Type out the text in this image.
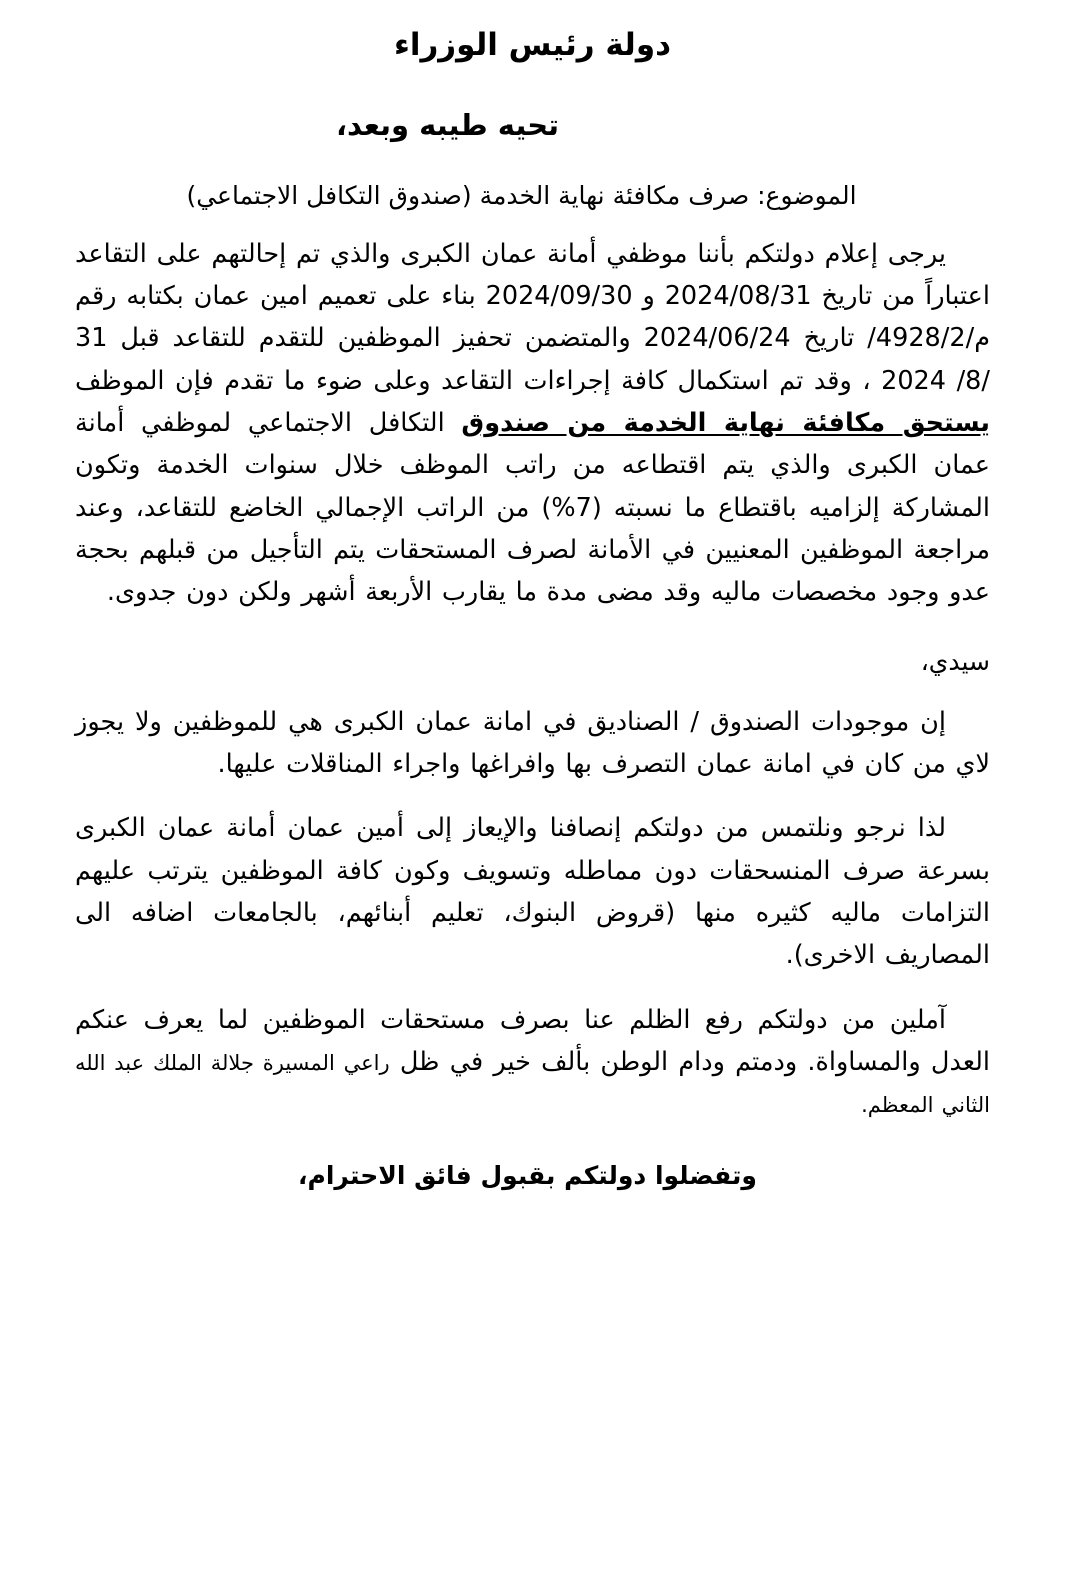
دولة رئيس الوزراء
تحيه طيبه وبعد،
الموضوع: صرف مكافئة نهاية الخدمة (صندوق التكافل الاجتماعي)

يرجى إعلام دولتكم بأننا موظفي أمانة عمان الكبرى والذي تم إحالتهم على التقاعد اعتباراً من تاريخ 2024/08/31 و 2024/09/30 بناء على تعميم امين عمان بكتابه رقم م/4928/2/ تاريخ 2024/06/24 والمتضمن تحفيز الموظفين للتقدم للتقاعد قبل 31 /8/ 2024 ، وقد تم استكمال كافة إجراءات التقاعد وعلى ضوء ما تقدم فإن الموظف يستحق مكافئة نهاية الخدمة من صندوق التكافل الاجتماعي لموظفي أمانة عمان الكبرى والذي يتم اقتطاعه من راتب الموظف خلال سنوات الخدمة وتكون المشاركة إلزاميه باقتطاع ما نسبته (7%) من الراتب الإجمالي الخاضع للتقاعد، وعند مراجعة الموظفين المعنيين في الأمانة لصرف المستحقات يتم التأجيل من قبلهم بحجة عدو وجود مخصصات ماليه وقد مضى مدة ما يقارب الأربعة أشهر ولكن دون جدوى.

سيدي،

إن موجودات الصندوق / الصناديق في امانة عمان الكبرى هي للموظفين ولا يجوز لاي من كان في امانة عمان التصرف بها وافراغها واجراء المناقلات عليها.

لذا نرجو ونلتمس من دولتكم إنصافنا والإيعاز إلى أمين عمان أمانة عمان الكبرى بسرعة صرف المنسحقات دون مماطله وتسويف وكون كافة الموظفين يترتب عليهم التزامات ماليه كثيره منها (قروض البنوك، تعليم أبنائهم، بالجامعات اضافه الى المصاريف الاخرى).

آملين من دولتكم رفع الظلم عنا بصرف مستحقات الموظفين لما يعرف عنكم العدل والمساواة. ودمتم ودام الوطن بألف خير في ظل راعي المسيرة جلالة الملك عبد الله الثاني المعظم.

وتفضلوا دولتكم بقبول فائق الاحترام،
